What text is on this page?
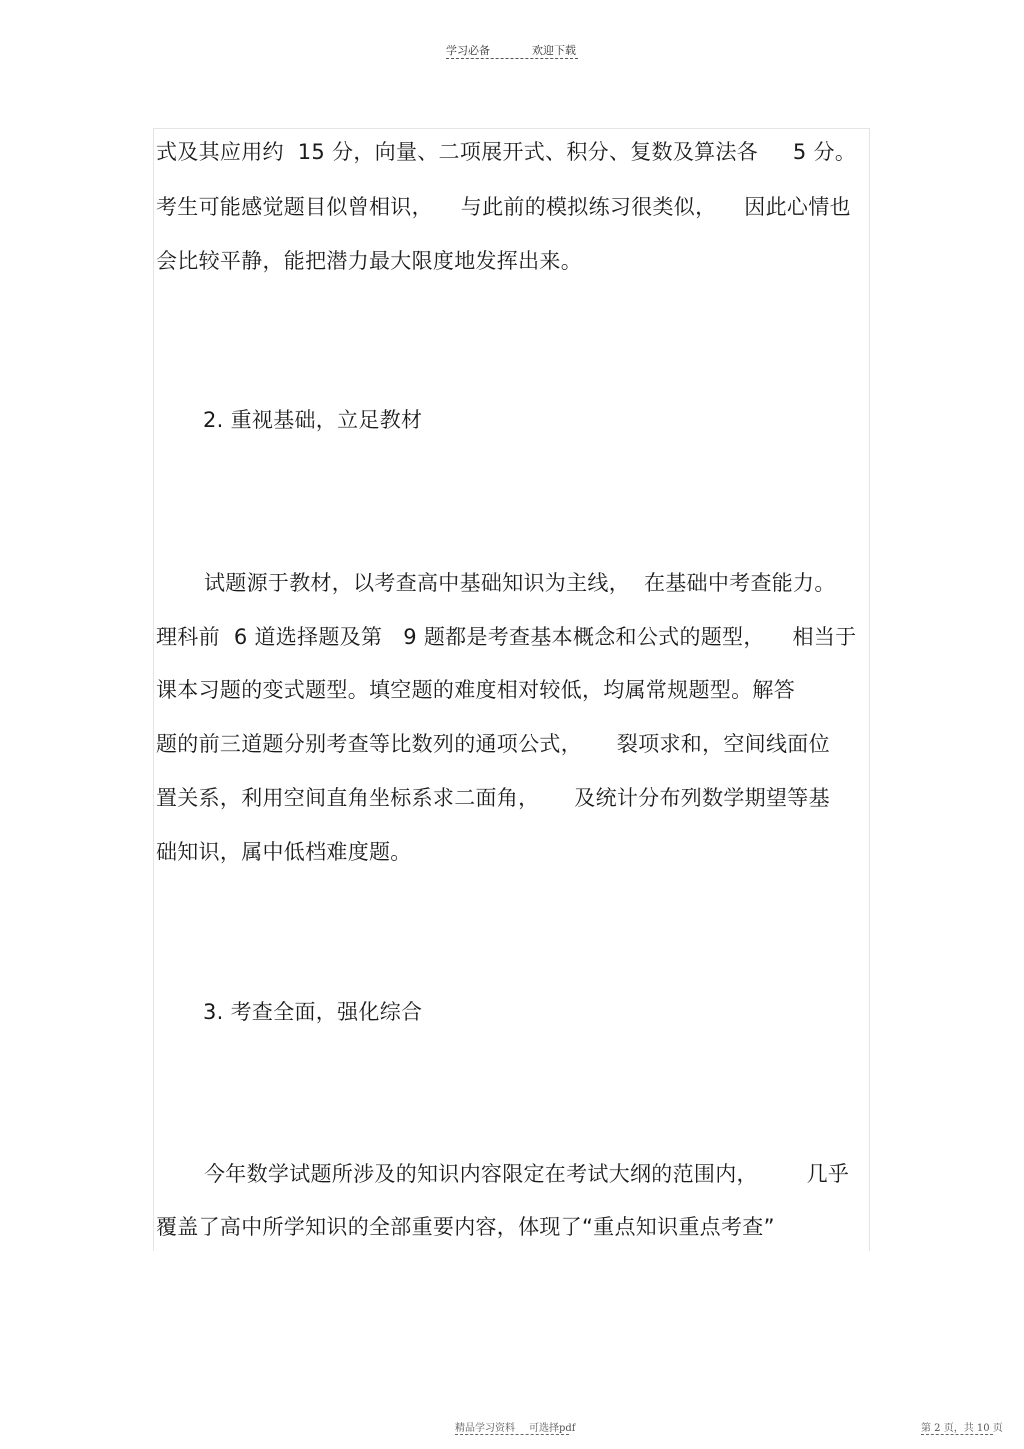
学习必备	欢迎下载
式及其应用约  15 分，向量、二项展开式、积分、复数及算法各     5 分。
考生可能感觉题目似曾相识，    与此前的模拟练习很类似，    因此心情也
会比较平静，能把潜力最大限度地发挥出来。
2. 重视基础，立足教材
试题源于教材，以考查高中基础知识为主线，  在基础中考查能力。
理科前  6 道选择题及第   9 题都是考查基本概念和公式的题型，    相当于
课本习题的变式题型。填空题的难度相对较低，均属常规题型。解答
题的前三道题分别考查等比数列的通项公式，     裂项求和，空间线面位
置关系，利用空间直角坐标系求二面角，     及统计分布列数学期望等基
础知识，属中低档难度题。
3. 考查全面，强化综合
今年数学试题所涉及的知识内容限定在考试大纲的范围内，       几乎
覆盖了高中所学知识的全部重要内容，体现了“重点知识重点考查”
精品学习资料 可选择pdf	第 2 页，共 10 页
